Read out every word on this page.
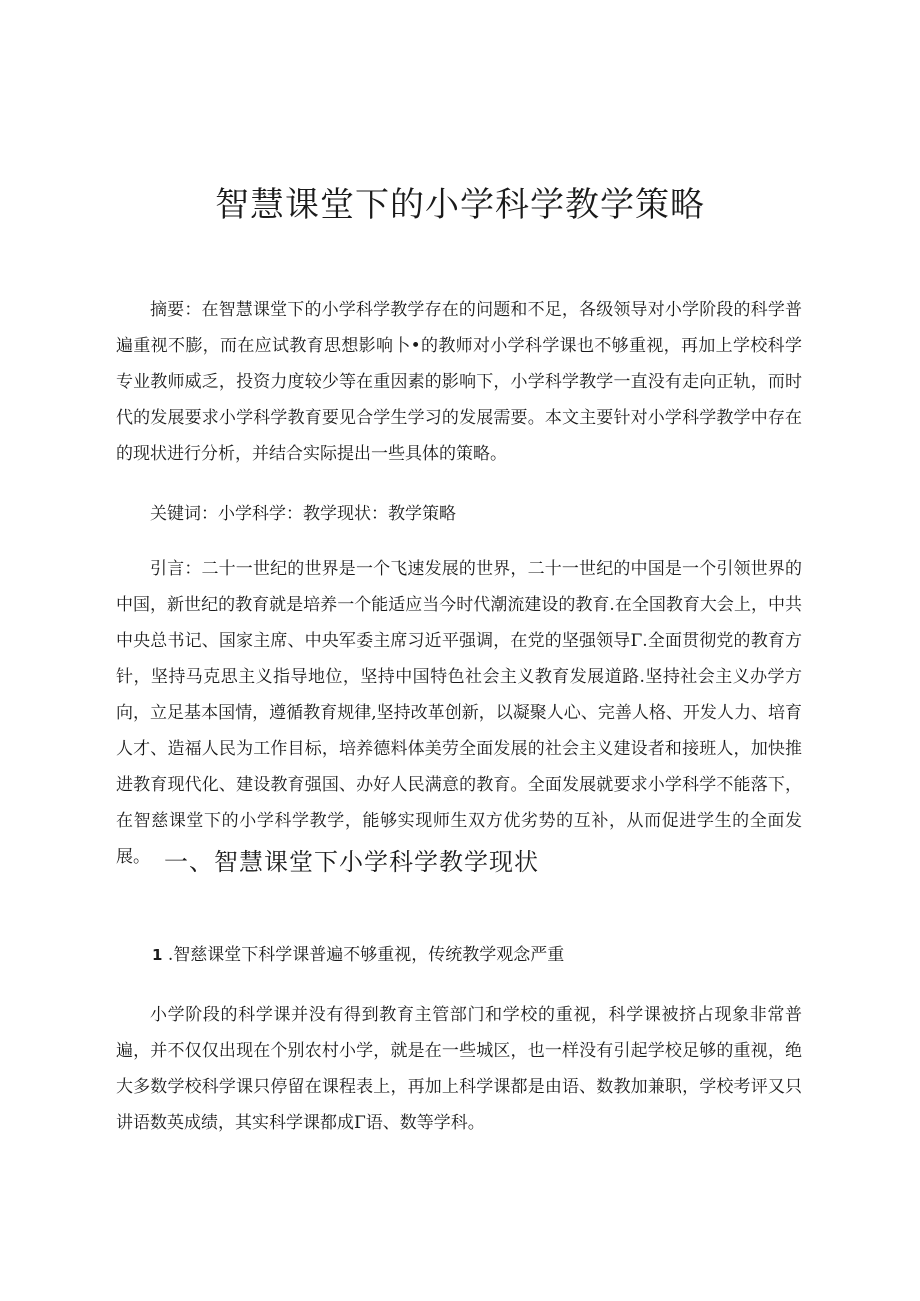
智慧课堂下的小学科学教学策略

摘要：在智慧课堂下的小学科学教学存在的问题和不足，各级领导对小学阶段的科学普遍重视不膨，而在应试教育思想影响卜•的教师对小学科学课也不够重视，再加上学校科学专业教师威乏，投资力度较少等在重因素的影响下，小学科学教学一直没有走向正轨，而时代的发展要求小学科学教育要见合学生学习的发展需要。本文主要针对小学科学教学中存在的现状进行分析，并结合实际提出一些具体的策略。

关键词：小学科学：教学现状：教学策略

引言：二十一世纪的世界是一个飞速发展的世界，二十一世纪的中国是一个引领世界的中国，新世纪的教育就是培养一个能适应当今时代潮流建设的教育.在全国教育大会上，中共中央总书记、国家主席、中央军委主席习近平强调，在党的坚强领导Γ.全面贯彻党的教育方针，坚持马克思主义指导地位，坚持中国特色社会主义教育发展道路.坚持社会主义办学方向，立足基本国情，遵循教育规律,坚持改革创新，以凝聚人心、完善人格、开发人力、培育人才、造福人民为工作目标，培养德料体美劳全面发展的社会主义建设者和接班人，加快推进教育现代化、建设教育强国、办好人民满意的教育。全面发展就要求小学科学不能落下，在智慈课堂下的小学科学教学，能够实现师生双方优劣势的互补，从而促进学生的全面发展。 一、智慧课堂下小学科学教学现状

1 .智慈课堂下科学课普遍不够重视，传统教学观念严重

小学阶段的科学课并没有得到教育主管部门和学校的重视，科学课被挤占现象非常普遍，并不仅仅出现在个别农村小学，就是在一些城区，也一样没有引起学校足够的重视，绝大多数学校科学课只停留在课程表上，再加上科学课都是由语、数教加兼职，学校考评又只讲语数英成绩，其实科学课都成Γ语、数等学科。
